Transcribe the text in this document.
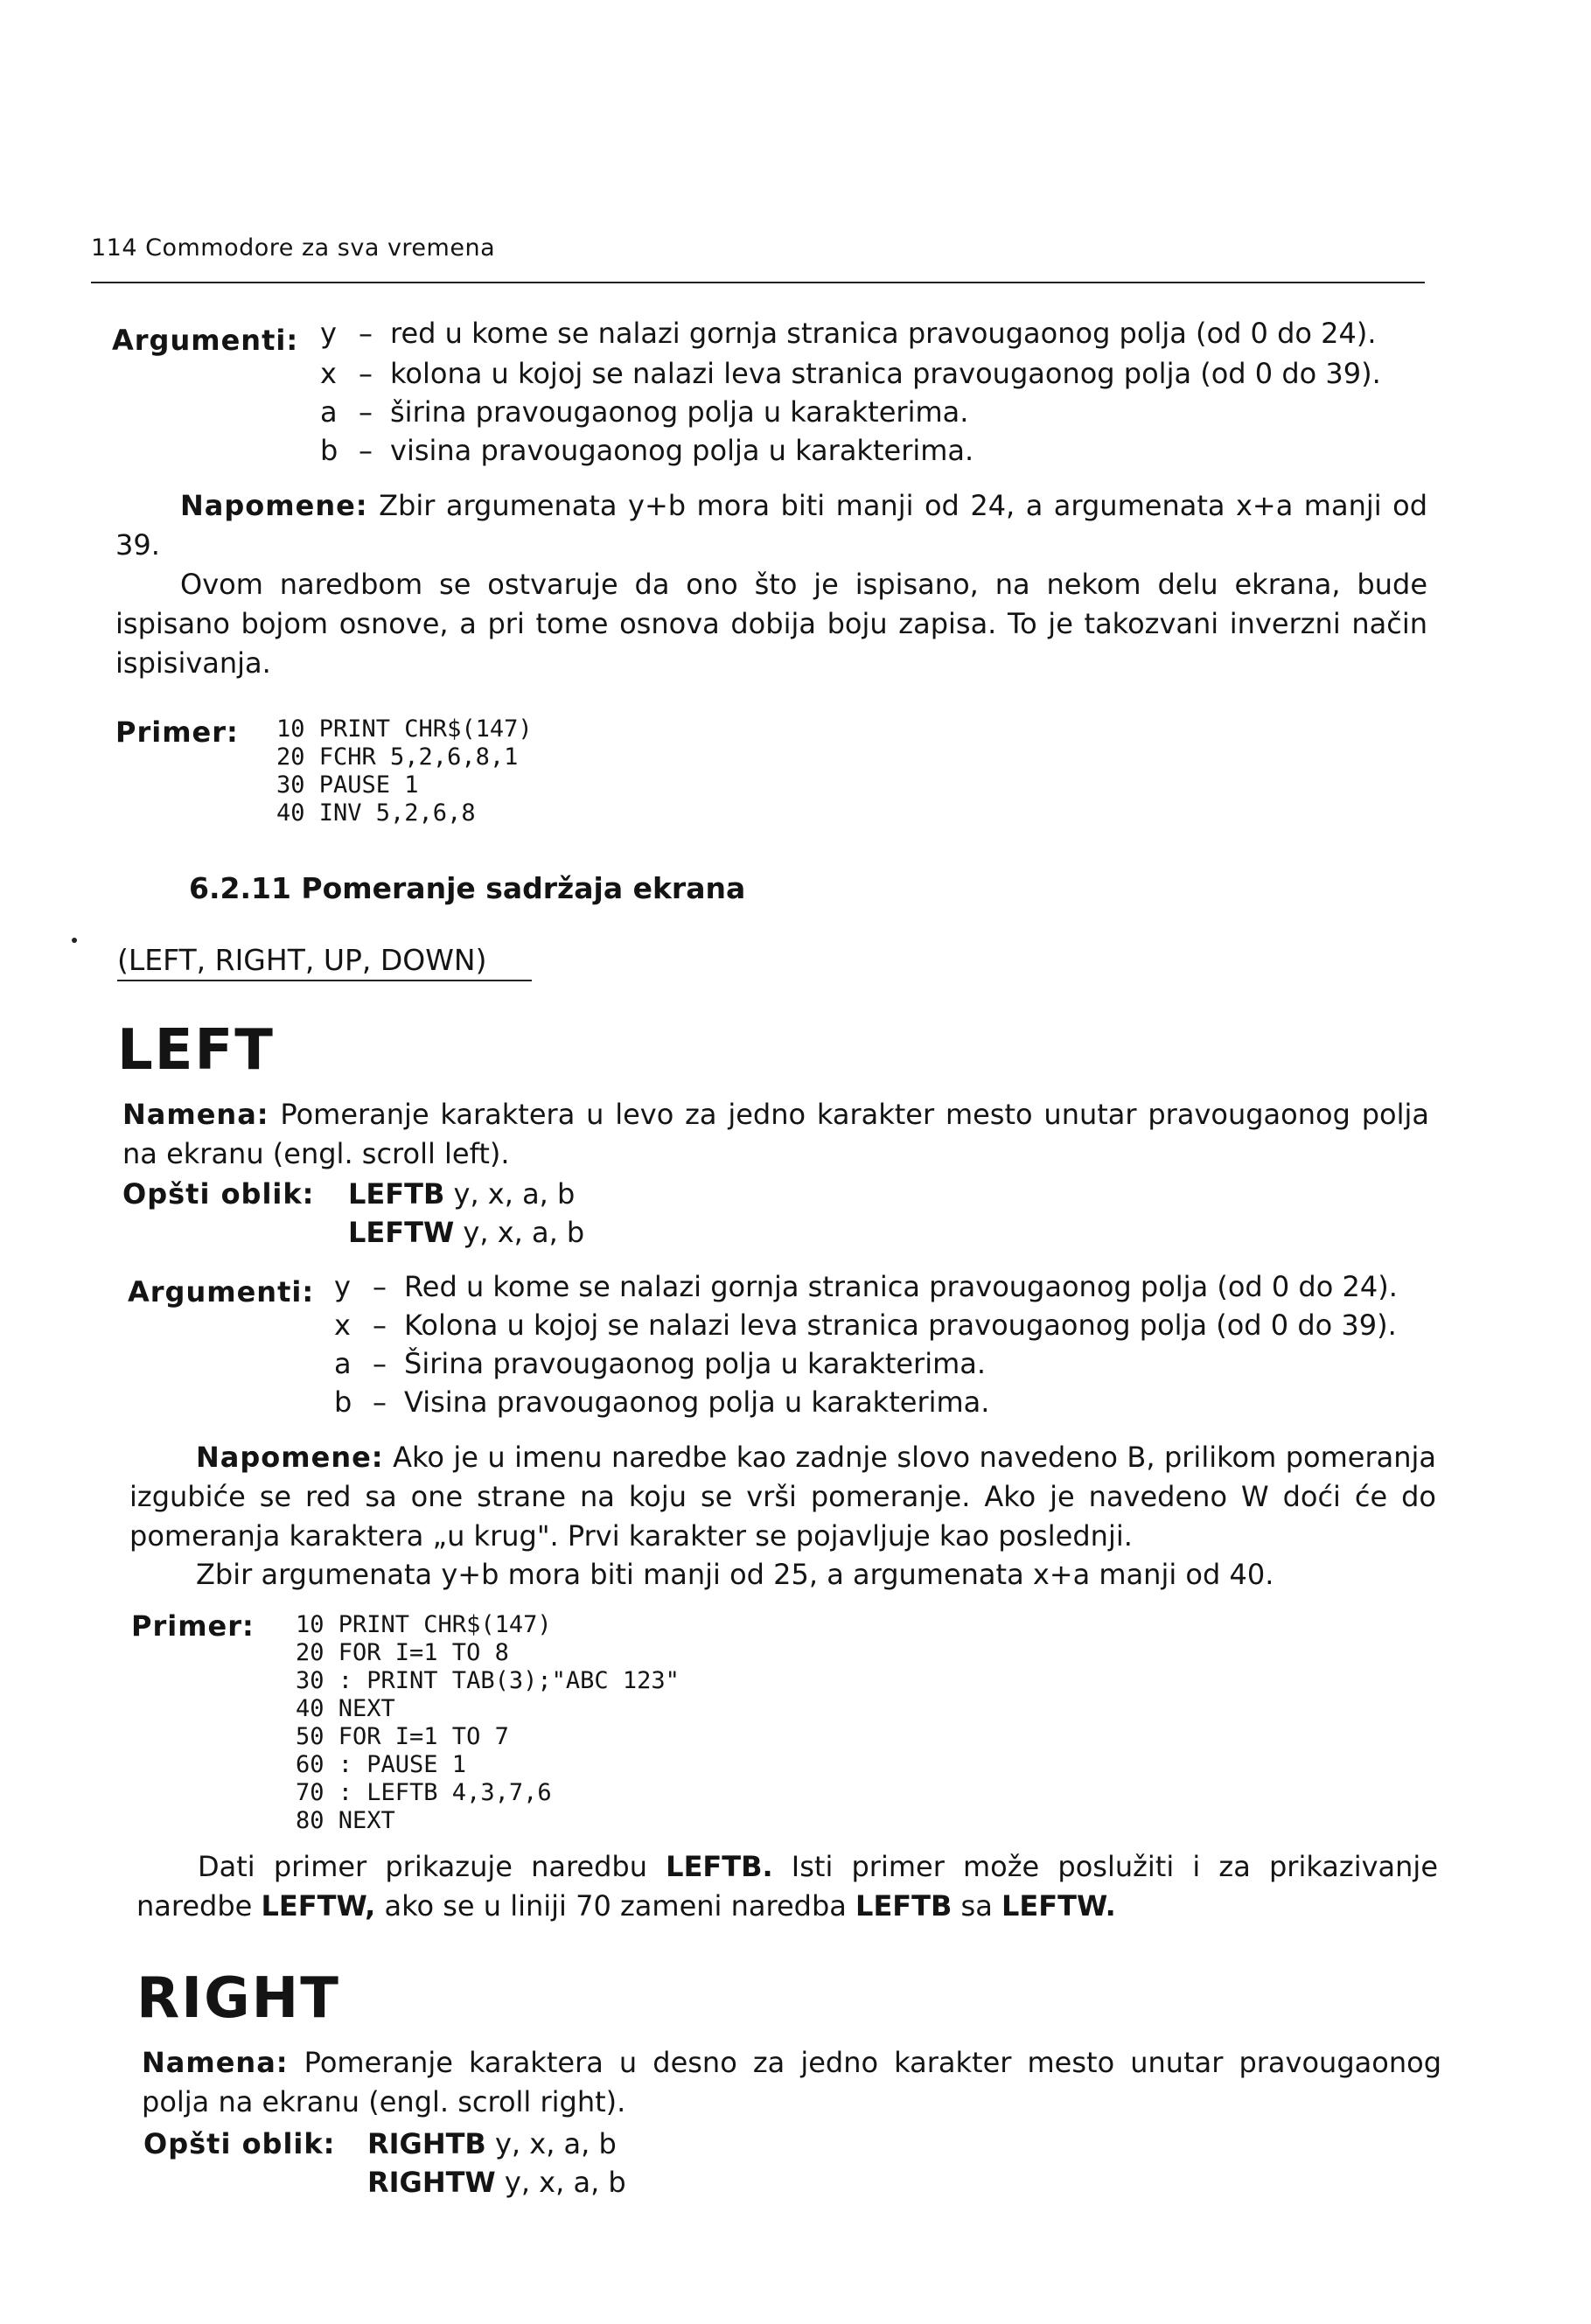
114 Commodore za sva vremena
Argumenti: y – red u kome se nalazi gornja stranica pravougaonog polja (od 0 do 24).
x – kolona u kojoj se nalazi leva stranica pravougaonog polja (od 0 do 39).
a – širina pravougaonog polja u karakterima.
b – visina pravougaonog polja u karakterima.
Napomene: Zbir argumenata y+b mora biti manji od 24, a argumenata x+a manji od 39.
Ovom naredbom se ostvaruje da ono što je ispisano, na nekom delu ekrana, bude ispisano bojom osnove, a pri tome osnova dobija boju zapisa. To je takozvani inverzni način ispisivanja.
Primer: 10 PRINT CHR$(147)
20 FCHR 5,2,6,8,1
30 PAUSE 1
40 INV 5,2,6,8
6.2.11 Pomeranje sadržaja ekrana
(LEFT, RIGHT, UP, DOWN)
LEFT
Namena: Pomeranje karaktera u levo za jedno karakter mesto unutar pravougaonog polja na ekranu (engl. scroll left).
Opšti oblik: LEFTB y, x, a, b
LEFTW y, x, a, b
Argumenti: y – Red u kome se nalazi gornja stranica pravougaonog polja (od 0 do 24).
x – Kolona u kojoj se nalazi leva stranica pravougaonog polja (od 0 do 39).
a – Širina pravougaonog polja u karakterima.
b – Visina pravougaonog polja u karakterima.
Napomene: Ako je u imenu naredbe kao zadnje slovo navedeno B, prilikom pomeranja izgubiće se red sa one strane na koju se vrši pomeranje. Ako je navedeno W doći će do pomeranja karaktera „u krug". Prvi karakter se pojavljuje kao poslednji.
Zbir argumenata y+b mora biti manji od 25, a argumenata x+a manji od 40.
Primer: 10 PRINT CHR$(147)
20 FOR I=1 TO 8
30 : PRINT TAB(3);"ABC 123"
40 NEXT
50 FOR I=1 TO 7
60 : PAUSE 1
70 : LEFTB 4,3,7,6
80 NEXT
Dati primer prikazuje naredbu LEFTB. Isti primer može poslužiti i za prikazivanje naredbe LEFTW, ako se u liniji 70 zameni naredba LEFTB sa LEFTW.
RIGHT
Namena: Pomeranje karaktera u desno za jedno karakter mesto unutar pravougaonog polja na ekranu (engl. scroll right).
Opšti oblik: RIGHTB y, x, a, b
RIGHTW y, x, a, b
